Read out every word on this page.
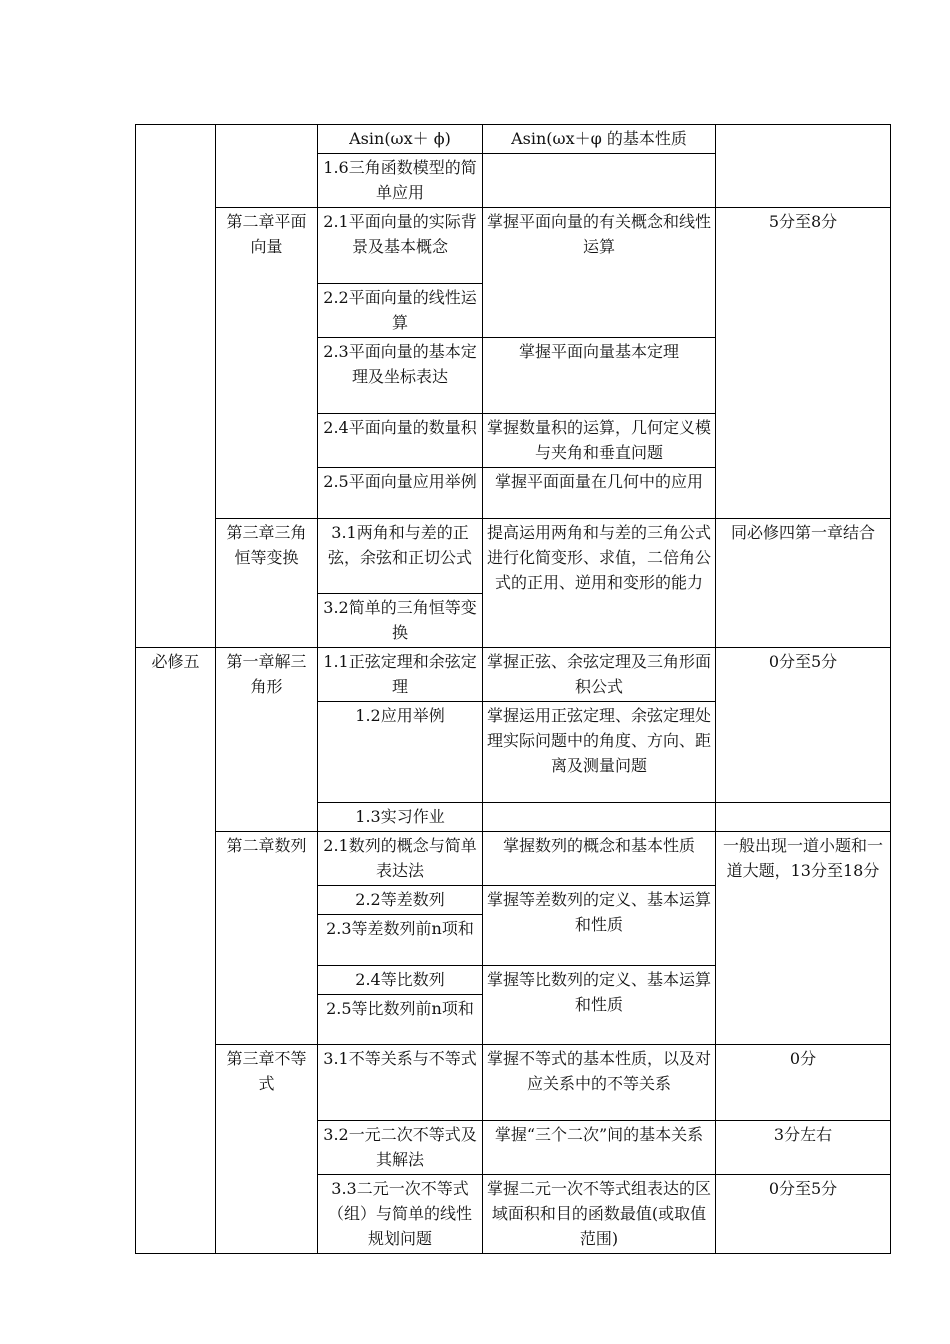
		Asin(ωx＋ ϕ)	Asin(ωx＋φ 的基本性质	
		1.6三角函数模型的简单应用		
	第二章平面向量	2.1平面向量的实际背景及基本概念	掌握平面向量的有关概念和线性运算	5分至8分
		2.2平面向量的线性运算		
		2.3平面向量的基本定理及坐标表达	掌握平面向量基本定理	
		2.4平面向量的数量积	掌握数量积的运算，几何定义模与夹角和垂直问题	
		2.5平面向量应用举例	掌握平面面量在几何中的应用	
	第三章三角恒等变换	3.1两角和与差的正弦，余弦和正切公式	提高运用两角和与差的三角公式进行化简变形、求值，二倍角公式的正用、逆用和变形的能力	同必修四第一章结合
		3.2简单的三角恒等变换		
必修五	第一章解三角形	1.1正弦定理和余弦定理	掌握正弦、余弦定理及三角形面积公式	0分至5分
		1.2应用举例	掌握运用正弦定理、余弦定理处理实际问题中的角度、方向、距离及测量问题	
		1.3实习作业		
	第二章数列	2.1数列的概念与简单表达法	掌握数列的概念和基本性质	一般出现一道小题和一道大题，13分至18分
		2.2等差数列	掌握等差数列的定义、基本运算和性质	
		2.3等差数列前n项和		
		2.4等比数列	掌握等比数列的定义、基本运算和性质	
		2.5等比数列前n项和		
	第三章不等式	3.1不等关系与不等式	掌握不等式的基本性质，以及对应关系中的不等关系	0分
		3.2一元二次不等式及其解法	掌握“三个二次”间的基本关系	3分左右
		3.3二元一次不等式（组）与简单的线性规划问题	掌握二元一次不等式组表达的区域面积和目的函数最值(或取值范围)	0分至5分
